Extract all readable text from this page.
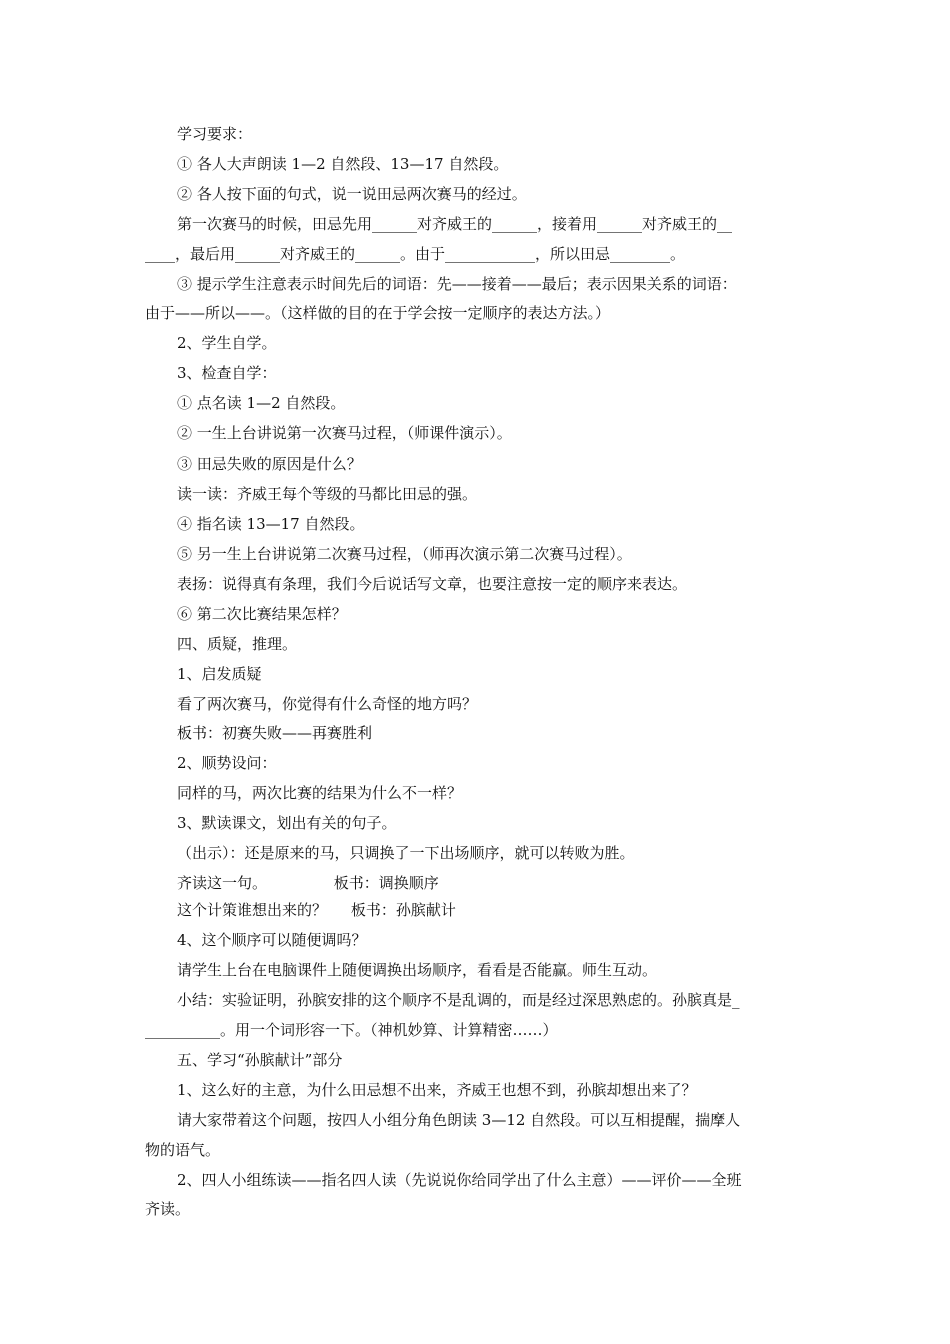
学习要求：
① 各人大声朗读 1—2 自然段、13—17 自然段。
② 各人按下面的句式，说一说田忌两次赛马的经过。
第一次赛马的时候，田忌先用______对齐威王的______，接着用______对齐威王的__
____，最后用______对齐威王的______。由于____________，所以田忌________。
③ 提示学生注意表示时间先后的词语：先——接着——最后；表示因果关系的词语：
由于——所以——。（这样做的目的在于学会按一定顺序的表达方法。）
2、学生自学。
3、检查自学：
① 点名读 1—2 自然段。
② 一生上台讲说第一次赛马过程，（师课件演示）。
③ 田忌失败的原因是什么？
读一读：齐威王每个等级的马都比田忌的强。
④ 指名读 13—17 自然段。
⑤ 另一生上台讲说第二次赛马过程，（师再次演示第二次赛马过程）。
表扬：说得真有条理，我们今后说话写文章，也要注意按一定的顺序来表达。
⑥ 第二次比赛结果怎样？
四、质疑，推理。
1、启发质疑
看了两次赛马，你觉得有什么奇怪的地方吗？
板书：初赛失败——再赛胜利
2、顺势设问：
同样的马，两次比赛的结果为什么不一样？
3、默读课文，划出有关的句子。
（出示）：还是原来的马，只调换了一下出场顺序，就可以转败为胜。
齐读这一句。              板书：调换顺序
这个计策谁想出来的？     板书：孙膑献计
4、这个顺序可以随便调吗？
请学生上台在电脑课件上随便调换出场顺序，看看是否能赢。师生互动。
小结：实验证明，孙膑安排的这个顺序不是乱调的，而是经过深思熟虑的。孙膑真是_
__________。用一个词形容一下。（神机妙算、计算精密……）
五、学习“孙膑献计”部分
1、这么好的主意，为什么田忌想不出来，齐威王也想不到，孙膑却想出来了？
请大家带着这个问题，按四人小组分角色朗读 3—12 自然段。可以互相提醒，揣摩人
物的语气。
2、四人小组练读——指名四人读（先说说你给同学出了什么主意）——评价——全班
齐读。
